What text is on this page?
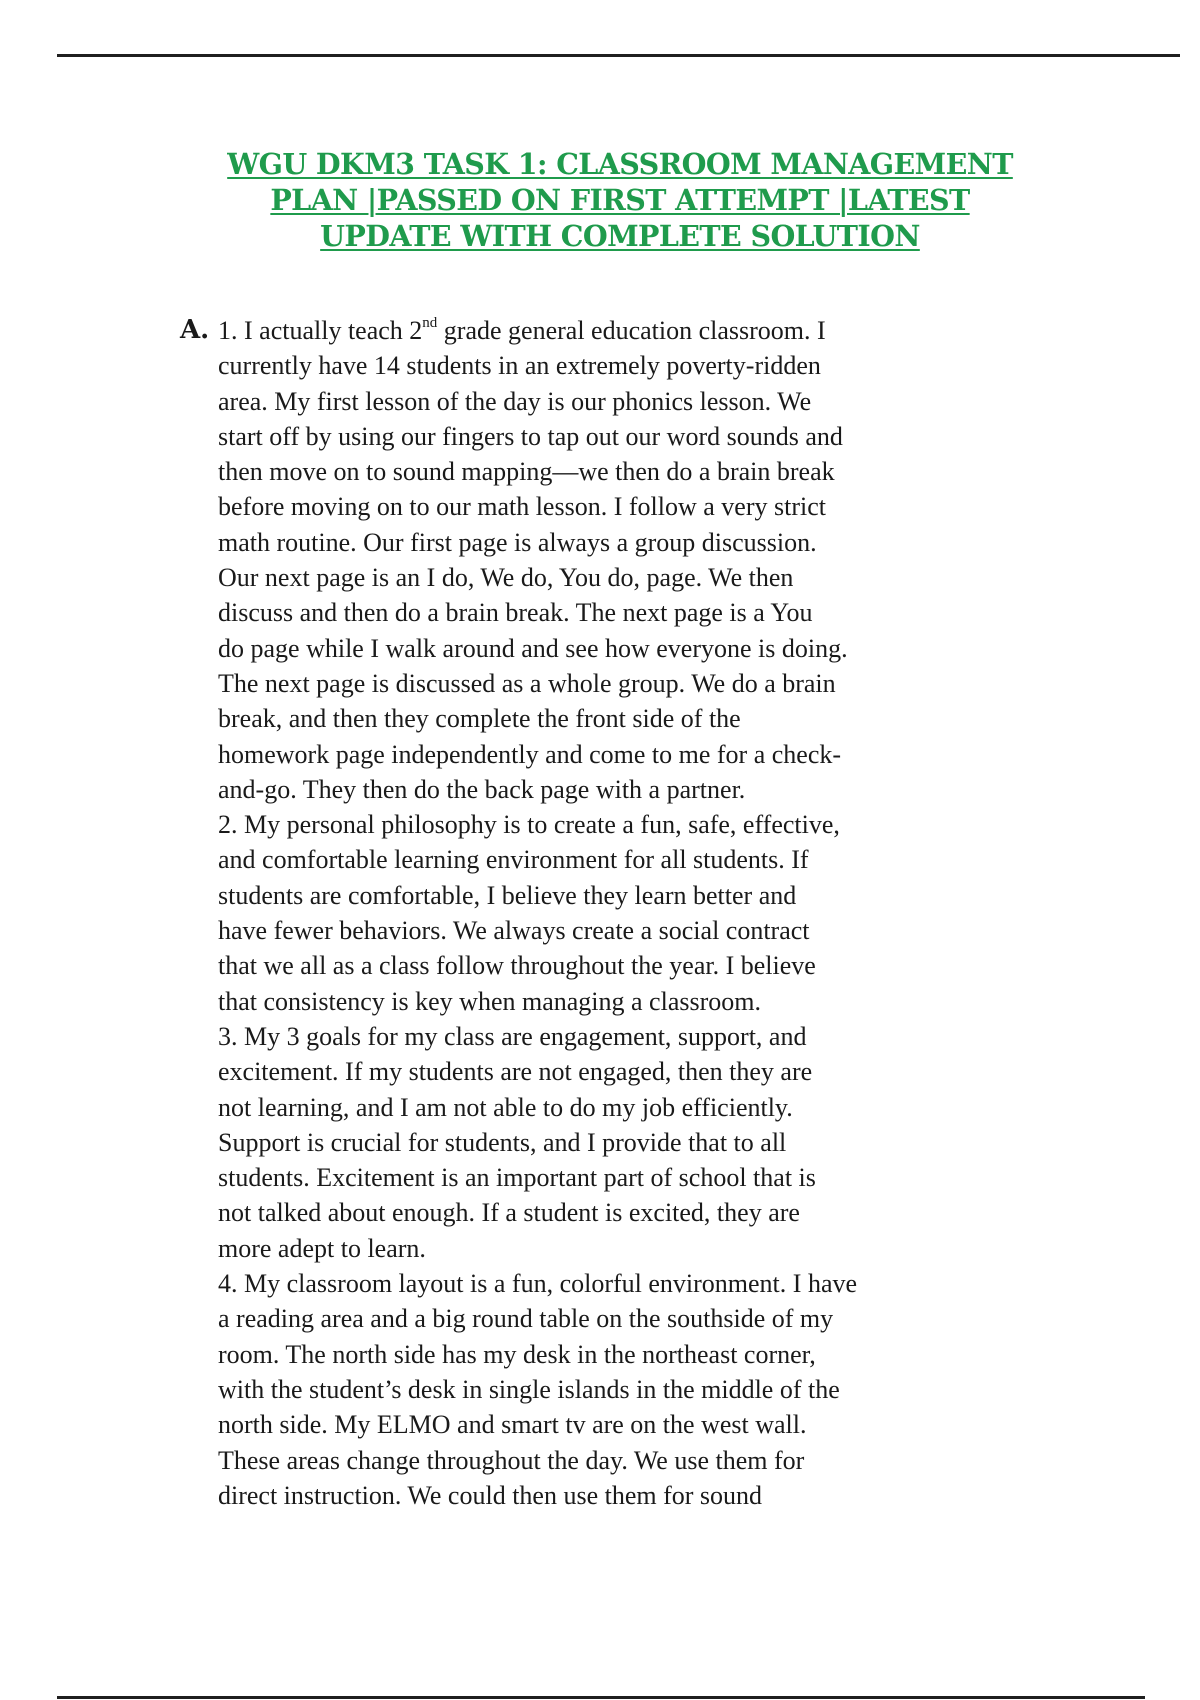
WGU DKM3 TASK 1: CLASSROOM MANAGEMENT
PLAN |PASSED ON FIRST ATTEMPT |LATEST
UPDATE WITH COMPLETE SOLUTION
A. 1. I actually teach 2nd grade general education classroom. I
currently have 14 students in an extremely poverty-ridden
area. My first lesson of the day is our phonics lesson. We
start off by using our fingers to tap out our word sounds and
then move on to sound mapping—we then do a brain break
before moving on to our math lesson. I follow a very strict
math routine. Our first page is always a group discussion.
Our next page is an I do, We do, You do, page. We then
discuss and then do a brain break. The next page is a You
do page while I walk around and see how everyone is doing.
The next page is discussed as a whole group. We do a brain
break, and then they complete the front side of the
homework page independently and come to me for a check-
and-go. They then do the back page with a partner.
2. My personal philosophy is to create a fun, safe, effective,
and comfortable learning environment for all students. If
students are comfortable, I believe they learn better and
have fewer behaviors. We always create a social contract
that we all as a class follow throughout the year. I believe
that consistency is key when managing a classroom.
3. My 3 goals for my class are engagement, support, and
excitement. If my students are not engaged, then they are
not learning, and I am not able to do my job efficiently.
Support is crucial for students, and I provide that to all
students. Excitement is an important part of school that is
not talked about enough. If a student is excited, they are
more adept to learn.
4. My classroom layout is a fun, colorful environment. I have
a reading area and a big round table on the southside of my
room. The north side has my desk in the northeast corner,
with the student’s desk in single islands in the middle of the
north side. My ELMO and smart tv are on the west wall.
These areas change throughout the day. We use them for
direct instruction. We could then use them for sound
